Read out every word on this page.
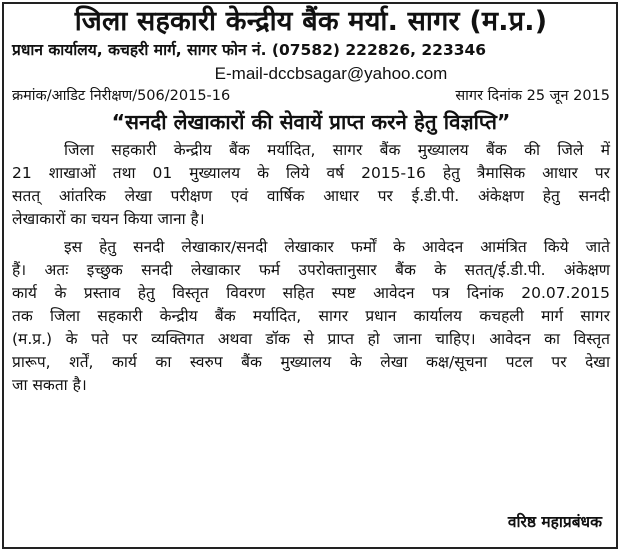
जिला सहकारी केन्द्रीय बैंक मर्या. सागर (म.प्र.)
प्रधान कार्यालय, कचहरी मार्ग, सागर फोन नं. (07582) 222826, 223346
E-mail-dccbsagar@yahoo.com
क्रमांक/आडिट निरीक्षण/506/2015-16	सागर दिनांक 25 जून 2015
“सनदी लेखाकारों की सेवायें प्राप्त करने हेतु विज्ञप्ति”
जिला सहकारी केन्द्रीय बैंक मर्यादित, सागर बैंक मुख्यालय बैंक की जिले में
21 शाखाओं तथा 01 मुख्यालय के लिये वर्ष 2015-16 हेतु त्रैमासिक आधार पर
सतत् आंतरिक लेखा परीक्षण एवं वार्षिक आधार पर ई.डी.पी. अंकेक्षण हेतु सनदी
लेखाकारों का चयन किया जाना है।
इस हेतु सनदी लेखाकार/सनदी लेखाकार फर्मों के आवेदन आमंत्रित किये जाते
हैं। अतः इच्छुक सनदी लेखाकार फर्म उपरोक्तानुसार बैंक के सतत्/ई.डी.पी. अंकेक्षण
कार्य के प्रस्ताव हेतु विस्तृत विवरण सहित स्पष्ट आवेदन पत्र दिनांक 20.07.2015
तक जिला सहकारी केन्द्रीय बैंक मर्यादित, सागर प्रधान कार्यालय कचहली मार्ग सागर
(म.प्र.) के पते पर व्यक्तिगत अथवा डॉक से प्राप्त हो जाना चाहिए। आवेदन का विस्तृत
प्रारूप, शर्तें, कार्य का स्वरुप बैंक मुख्यालय के लेखा कक्ष/सूचना पटल पर देखा
जा सकता है।
वरिष्ठ महाप्रबंधक
